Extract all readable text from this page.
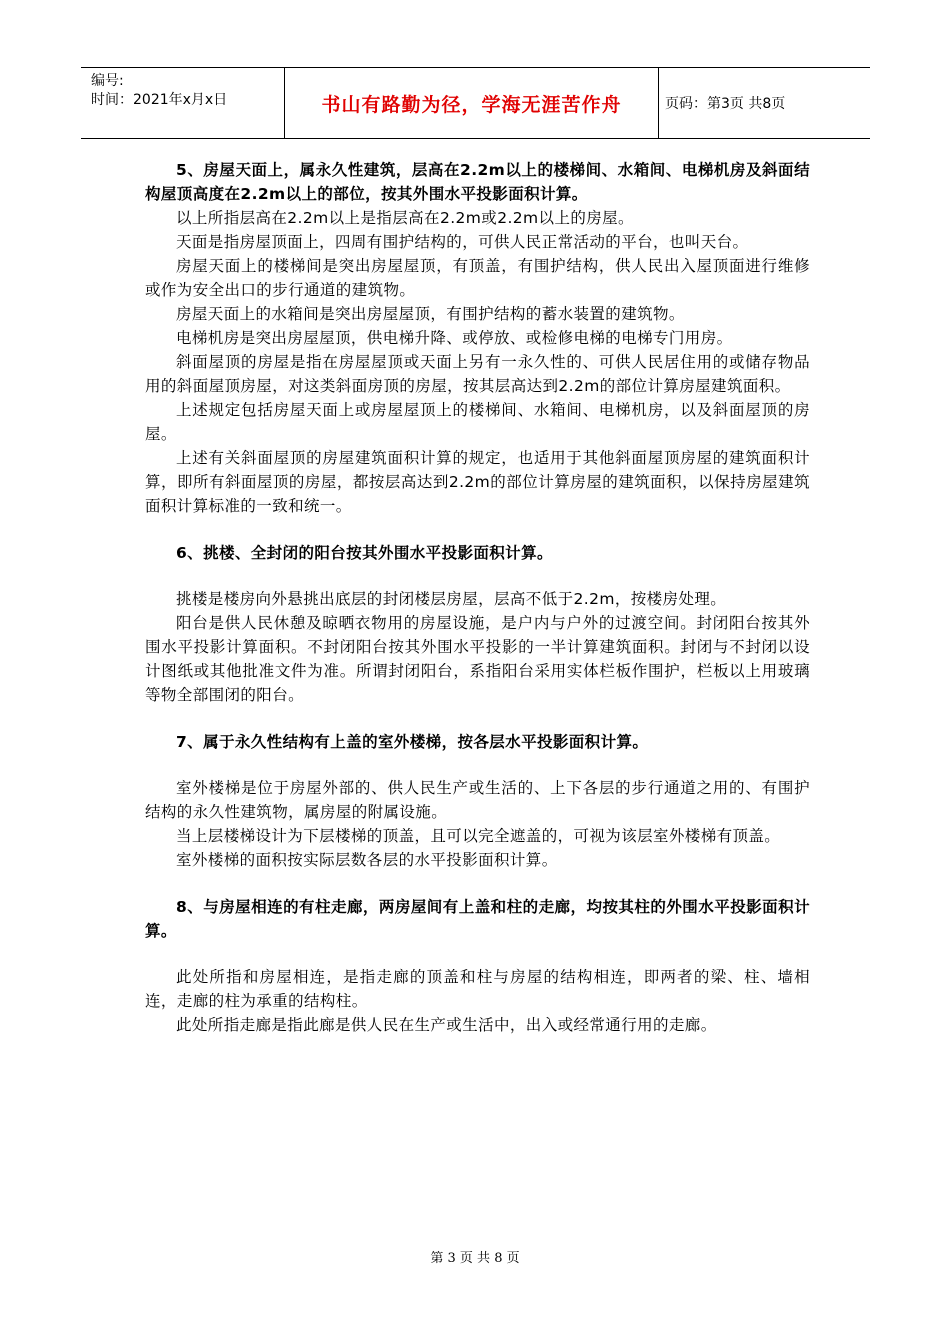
编号:
时间：2021年x月x日	书山有路勤为径，学海无涯苦作舟	页码：第3页 共8页

5、房屋天面上，属永久性建筑，层高在2.2m以上的楼梯间、水箱间、电梯机房及斜面结构屋顶高度在2.2m以上的部位，按其外围水平投影面积计算。

以上所指层高在2.2m以上是指层高在2.2m或2.2m以上的房屋。

天面是指房屋顶面上，四周有围护结构的，可供人民正常活动的平台，也叫天台。

房屋天面上的楼梯间是突出房屋屋顶，有顶盖，有围护结构，供人民出入屋顶面进行维修或作为安全出口的步行通道的建筑物。

房屋天面上的水箱间是突出房屋屋顶，有围护结构的蓄水装置的建筑物。

电梯机房是突出房屋屋顶，供电梯升降、或停放、或检修电梯的电梯专门用房。

斜面屋顶的房屋是指在房屋屋顶或天面上另有一永久性的、可供人民居住用的或储存物品用的斜面屋顶房屋，对这类斜面房顶的房屋，按其层高达到2.2m的部位计算房屋建筑面积。

上述规定包括房屋天面上或房屋屋顶上的楼梯间、水箱间、电梯机房，以及斜面屋顶的房屋。

上述有关斜面屋顶的房屋建筑面积计算的规定，也适用于其他斜面屋顶房屋的建筑面积计算，即所有斜面屋顶的房屋，都按层高达到2.2m的部位计算房屋的建筑面积，以保持房屋建筑面积计算标准的一致和统一。

6、挑楼、全封闭的阳台按其外围水平投影面积计算。

挑楼是楼房向外悬挑出底层的封闭楼层房屋，层高不低于2.2m，按楼房处理。

阳台是供人民休憩及晾晒衣物用的房屋设施，是户内与户外的过渡空间。封闭阳台按其外围水平投影计算面积。不封闭阳台按其外围水平投影的一半计算建筑面积。封闭与不封闭以设计图纸或其他批准文件为准。所谓封闭阳台，系指阳台采用实体栏板作围护，栏板以上用玻璃等物全部围闭的阳台。

7、属于永久性结构有上盖的室外楼梯，按各层水平投影面积计算。

室外楼梯是位于房屋外部的、供人民生产或生活的、上下各层的步行通道之用的、有围护结构的永久性建筑物，属房屋的附属设施。

当上层楼梯设计为下层楼梯的顶盖，且可以完全遮盖的，可视为该层室外楼梯有顶盖。

室外楼梯的面积按实际层数各层的水平投影面积计算。

8、与房屋相连的有柱走廊，两房屋间有上盖和柱的走廊，均按其柱的外围水平投影面积计算。

此处所指和房屋相连，是指走廊的顶盖和柱与房屋的结构相连，即两者的梁、柱、墙相连，走廊的柱为承重的结构柱。

此处所指走廊是指此廊是供人民在生产或生活中，出入或经常通行用的走廊。

第 3 页 共 8 页
